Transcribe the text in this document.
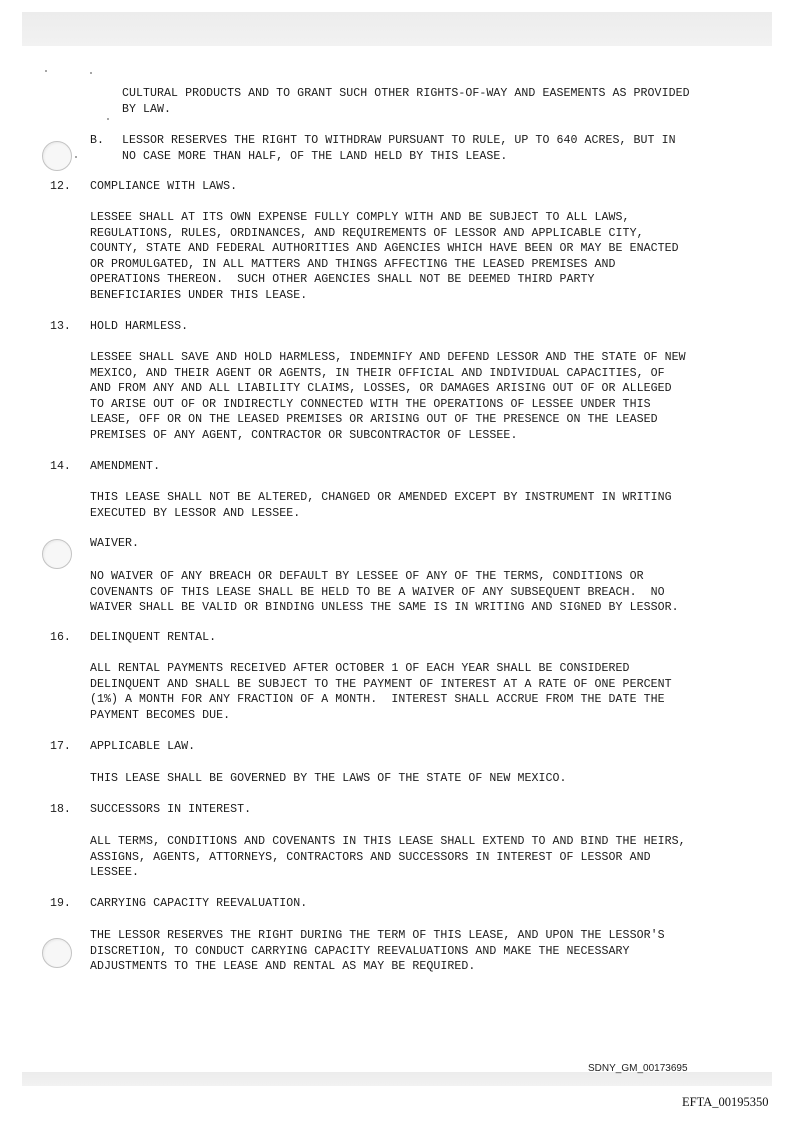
CULTURAL PRODUCTS AND TO GRANT SUCH OTHER RIGHTS-OF-WAY AND EASEMENTS AS PROVIDED
BY LAW.
B. LESSOR RESERVES THE RIGHT TO WITHDRAW PURSUANT TO RULE, UP TO 640 ACRES, BUT IN
NO CASE MORE THAN HALF, OF THE LAND HELD BY THIS LEASE.
12. COMPLIANCE WITH LAWS.
LESSEE SHALL AT ITS OWN EXPENSE FULLY COMPLY WITH AND BE SUBJECT TO ALL LAWS,
REGULATIONS, RULES, ORDINANCES, AND REQUIREMENTS OF LESSOR AND APPLICABLE CITY,
COUNTY, STATE AND FEDERAL AUTHORITIES AND AGENCIES WHICH HAVE BEEN OR MAY BE ENACTED
OR PROMULGATED, IN ALL MATTERS AND THINGS AFFECTING THE LEASED PREMISES AND
OPERATIONS THEREON.  SUCH OTHER AGENCIES SHALL NOT BE DEEMED THIRD PARTY
BENEFICIARIES UNDER THIS LEASE.
13. HOLD HARMLESS.
LESSEE SHALL SAVE AND HOLD HARMLESS, INDEMNIFY AND DEFEND LESSOR AND THE STATE OF NEW
MEXICO, AND THEIR AGENT OR AGENTS, IN THEIR OFFICIAL AND INDIVIDUAL CAPACITIES, OF
AND FROM ANY AND ALL LIABILITY CLAIMS, LOSSES, OR DAMAGES ARISING OUT OF OR ALLEGED
TO ARISE OUT OF OR INDIRECTLY CONNECTED WITH THE OPERATIONS OF LESSEE UNDER THIS
LEASE, OFF OR ON THE LEASED PREMISES OR ARISING OUT OF THE PRESENCE ON THE LEASED
PREMISES OF ANY AGENT, CONTRACTOR OR SUBCONTRACTOR OF LESSEE.
14. AMENDMENT.
THIS LEASE SHALL NOT BE ALTERED, CHANGED OR AMENDED EXCEPT BY INSTRUMENT IN WRITING
EXECUTED BY LESSOR AND LESSEE.
WAIVER.
NO WAIVER OF ANY BREACH OR DEFAULT BY LESSEE OF ANY OF THE TERMS, CONDITIONS OR
COVENANTS OF THIS LEASE SHALL BE HELD TO BE A WAIVER OF ANY SUBSEQUENT BREACH.  NO
WAIVER SHALL BE VALID OR BINDING UNLESS THE SAME IS IN WRITING AND SIGNED BY LESSOR.
16. DELINQUENT RENTAL.
ALL RENTAL PAYMENTS RECEIVED AFTER OCTOBER 1 OF EACH YEAR SHALL BE CONSIDERED
DELINQUENT AND SHALL BE SUBJECT TO THE PAYMENT OF INTEREST AT A RATE OF ONE PERCENT
(1%) A MONTH FOR ANY FRACTION OF A MONTH.  INTEREST SHALL ACCRUE FROM THE DATE THE
PAYMENT BECOMES DUE.
17. APPLICABLE LAW.
THIS LEASE SHALL BE GOVERNED BY THE LAWS OF THE STATE OF NEW MEXICO.
18. SUCCESSORS IN INTEREST.
ALL TERMS, CONDITIONS AND COVENANTS IN THIS LEASE SHALL EXTEND TO AND BIND THE HEIRS,
ASSIGNS, AGENTS, ATTORNEYS, CONTRACTORS AND SUCCESSORS IN INTEREST OF LESSOR AND
LESSEE.
19. CARRYING CAPACITY REEVALUATION.
THE LESSOR RESERVES THE RIGHT DURING THE TERM OF THIS LEASE, AND UPON THE LESSOR'S
DISCRETION, TO CONDUCT CARRYING CAPACITY REEVALUATIONS AND MAKE THE NECESSARY
ADJUSTMENTS TO THE LEASE AND RENTAL AS MAY BE REQUIRED.
SDNY_GM_00173695
EFTA_00195350
